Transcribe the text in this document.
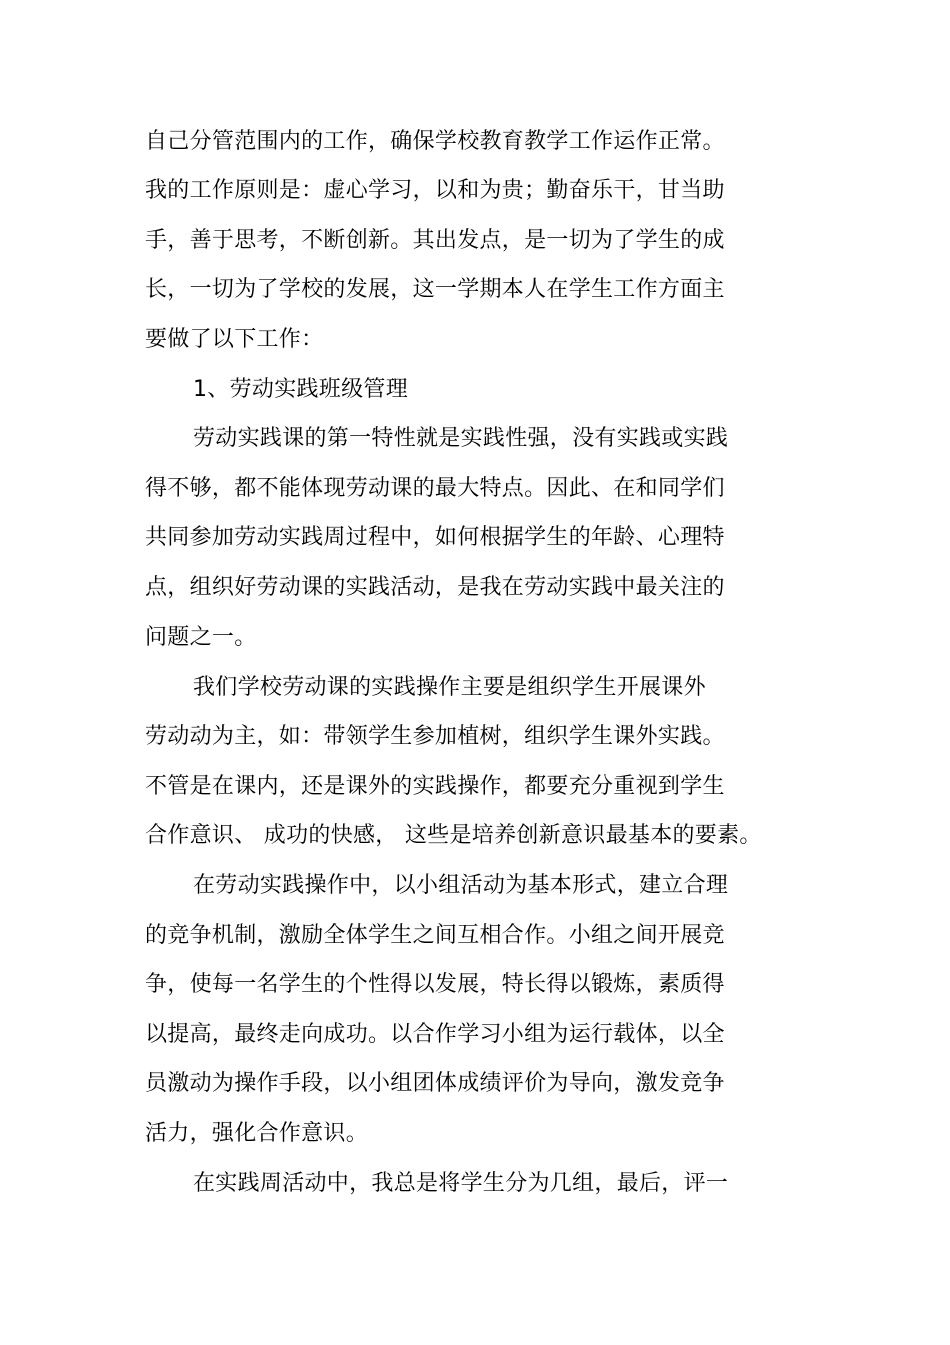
自己分管范围内的工作，确保学校教育教学工作运作正常。
我的工作原则是：虚心学习，以和为贵；勤奋乐干，甘当助
手，善于思考，不断创新。其出发点，是一切为了学生的成
长，一切为了学校的发展，这一学期本人在学生工作方面主
要做了以下工作：
1、劳动实践班级管理
劳动实践课的第一特性就是实践性强，没有实践或实践
得不够，都不能体现劳动课的最大特点。因此、在和同学们
共同参加劳动实践周过程中，如何根据学生的年龄、心理特
点，组织好劳动课的实践活动，是我在劳动实践中最关注的
问题之一。
我们学校劳动课的实践操作主要是组织学生开展课外
劳动动为主，如：带领学生参加植树，组织学生课外实践。
不管是在课内，还是课外的实践操作，都要充分重视到学生
合作意识、 成功的快感， 这些是培养创新意识最基本的要素。
在劳动实践操作中，以小组活动为基本形式，建立合理
的竞争机制，激励全体学生之间互相合作。小组之间开展竞
争，使每一名学生的个性得以发展，特长得以锻炼，素质得
以提高，最终走向成功。以合作学习小组为运行载体，以全
员激动为操作手段，以小组团体成绩评价为导向，激发竞争
活力，强化合作意识。
在实践周活动中，我总是将学生分为几组，最后，评一
